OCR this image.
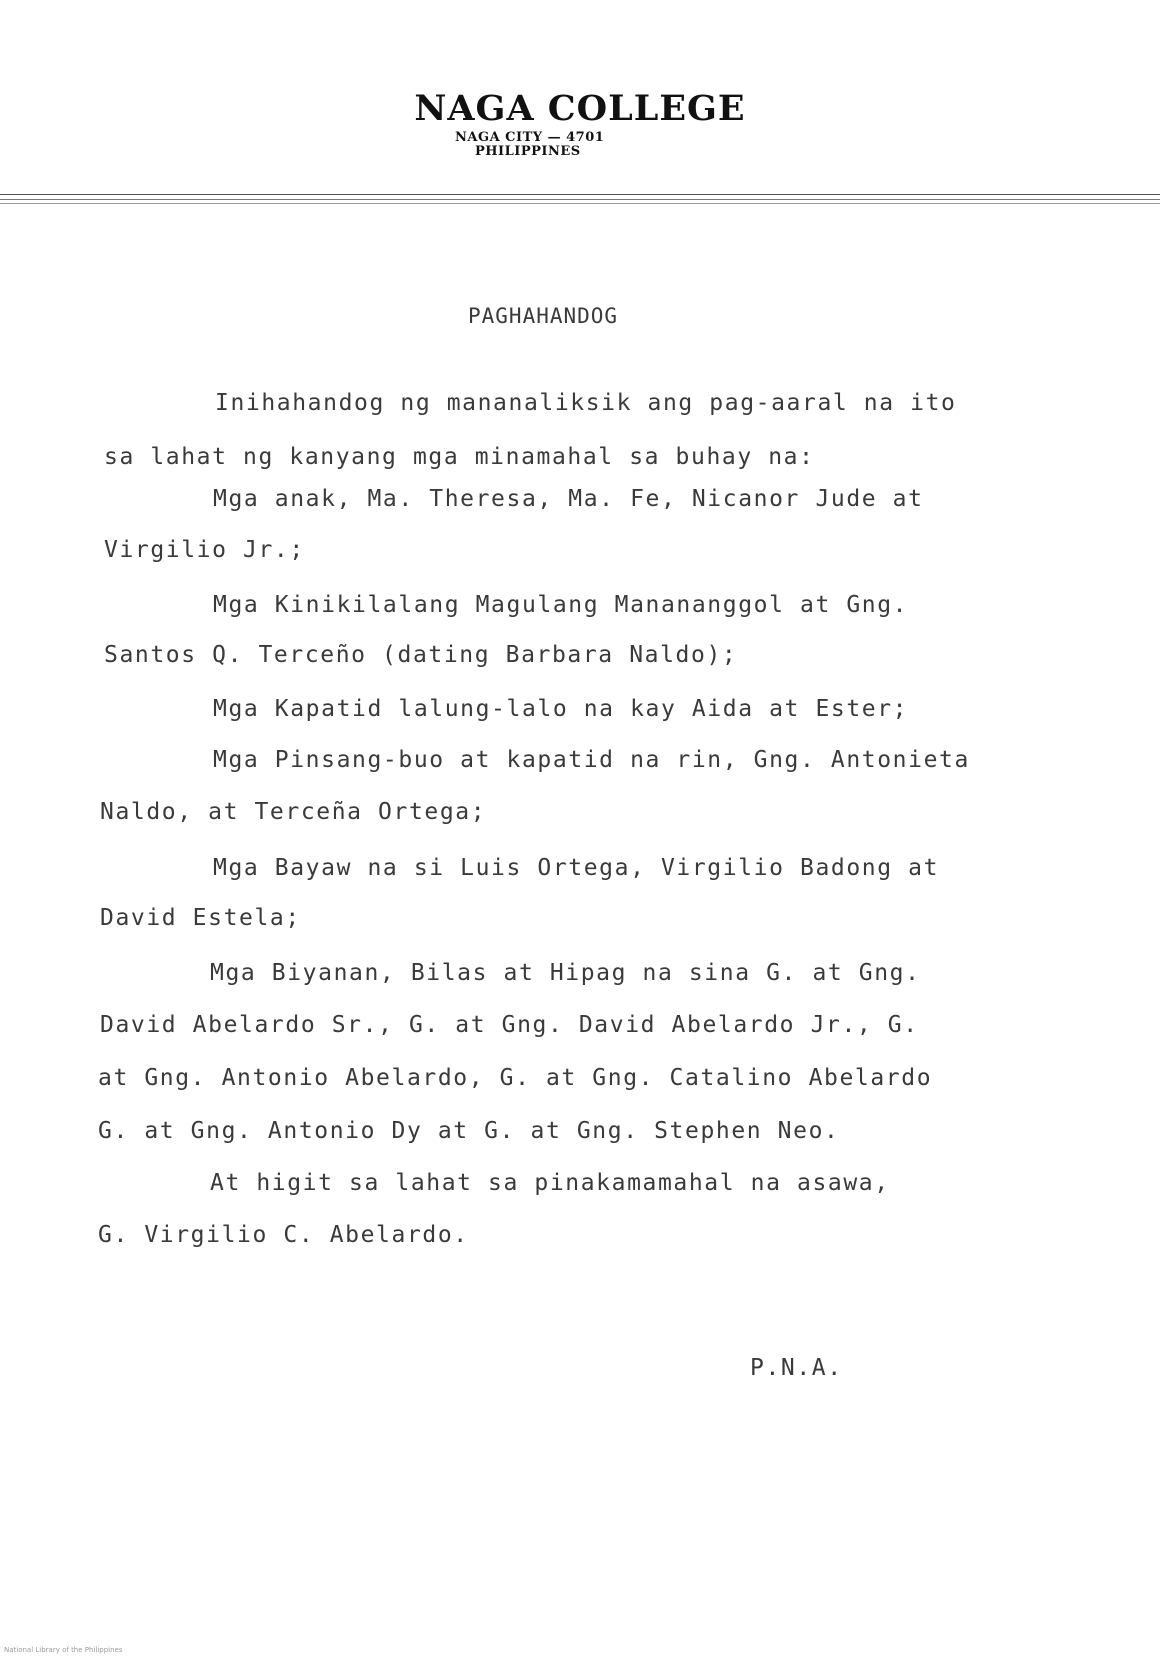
NAGA COLLEGE
NAGA CITY — 4701
PHILIPPINES
PAGHAHANDOG
Inihahandog ng mananaliksik ang pag-aaral na ito
sa lahat ng kanyang mga minamahal sa buhay na:
Mga anak, Ma. Theresa, Ma. Fe, Nicanor Jude at
Virgilio Jr.;
Mga Kinikilalang Magulang Manananggol at Gng.
Santos Q. Terceño (dating Barbara Naldo);
Mga Kapatid lalung-lalo na kay Aida at Ester;
Mga Pinsang-buo at kapatid na rin, Gng. Antonieta
Naldo, at Terceña Ortega;
Mga Bayaw na si Luis Ortega, Virgilio Badong at
David Estela;
Mga Biyanan, Bilas at Hipag na sina G. at Gng.
David Abelardo Sr., G. at Gng. David Abelardo Jr., G.
at Gng. Antonio Abelardo, G. at Gng. Catalino Abelardo
G. at Gng. Antonio Dy at G. at Gng. Stephen Neo.
At higit sa lahat sa pinakamamahal na asawa,
G. Virgilio C. Abelardo.
P.N.A.
National Library of the Philippines
